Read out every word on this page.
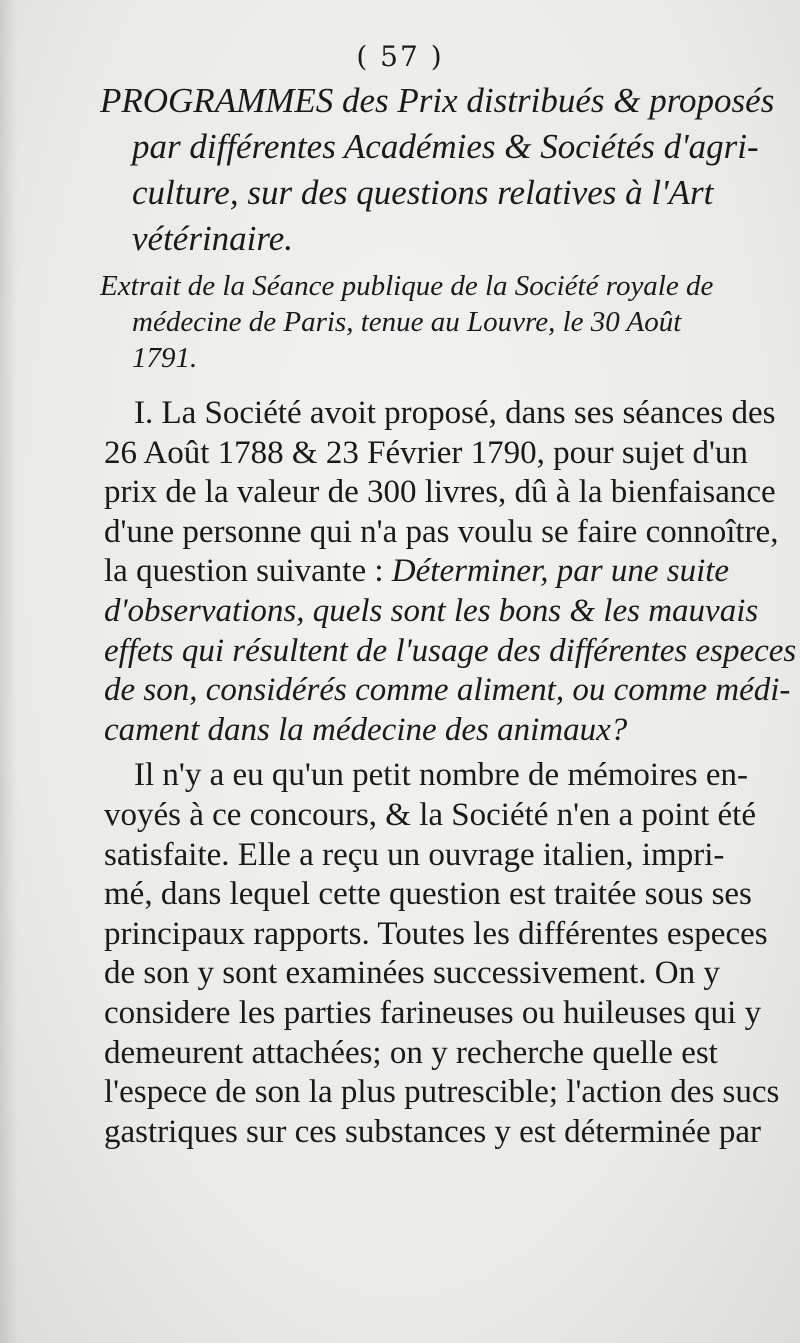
( 57 )
PROGRAMMES des Prix distribués & proposés
par différentes Académies & Sociétés d'agri-
culture, sur des questions relatives à l'Art
vétérinaire.
Extrait de la Séance publique de la Société royale de
médecine de Paris, tenue au Louvre, le 30 Août
1791.
I. La Société avoit proposé, dans ses séances des
26 Août 1788 & 23 Février 1790, pour sujet d'un
prix de la valeur de 300 livres, dû à la bienfaisance
d'une personne qui n'a pas voulu se faire connoître,
la question suivante : Déterminer, par une suite
d'observations, quels sont les bons & les mauvais
effets qui résultent de l'usage des différentes especes
de son, considérés comme aliment, ou comme médi-
cament dans la médecine des animaux?
Il n'y a eu qu'un petit nombre de mémoires en-
voyés à ce concours, & la Société n'en a point été
satisfaite. Elle a reçu un ouvrage italien, impri-
mé, dans lequel cette question est traitée sous ses
principaux rapports. Toutes les différentes especes
de son y sont examinées successivement. On y
considere les parties farineuses ou huileuses qui y
demeurent attachées; on y recherche quelle est
l'espece de son la plus putrescible; l'action des sucs
gastriques sur ces substances y est déterminée par
